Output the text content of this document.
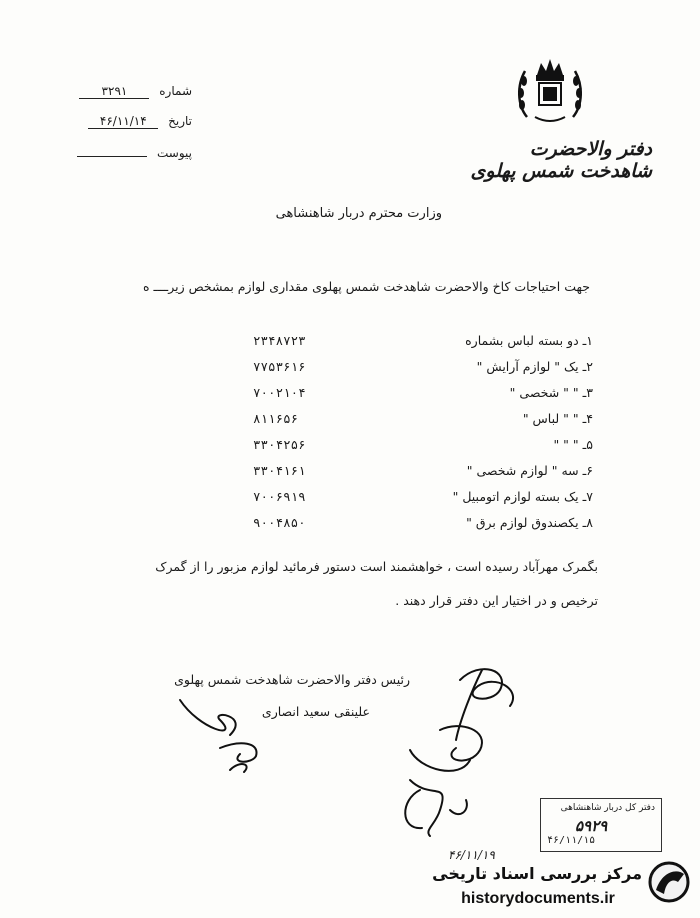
شماره ۳۲۹۱
تاریخ ۴۶/۱۱/۱۴
پیوست	دفتر والاحضرت شاهدخت شمس پهلوی
وزارت محترم دربار شاهنشاهی
جهت احتیاجات کاخ والاحضرت شاهدخت شمس پهلوی مقداری لوازم بمشخص زیرــــ ه
۱ـ دو بسته لباس بشماره
۲۳۴۸۷۲۳
۲ـ یک " لوازم آرایش "
۷۷۵۳۶۱۶
۳ـ " " شخصی "
۷۰۰۲۱۰۴
۴ـ " " لباس "
۸۱۱۶۵۶
۵ـ " " "
۳۳۰۴۲۵۶
۶ـ سه " لوازم شخصی "
۳۳۰۴۱۶۱
۷ـ یک بسته لوازم اتومبیل "
۷۰۰۶۹۱۹
۸ـ یکصندوق لوازم برق "
۹۰۰۴۸۵۰
بگمرک مهرآباد رسیده است ، خواهشمند است دستور فرمائید لوازم مزبور را از گمرک ترخیص و در اختیار این دفتر قرار دهند .
رئیس دفتر والاحضرت شاهدخت شمس پهلوی
علینقی سعید انصاری
دفتر کل دربار شاهنشاهی
۵۹۲۹
۴۶/۱۱/۱۵
۴۶/۱۱/۱۹
مرکز بررسی اسناد تاریخی
historydocuments.ir
